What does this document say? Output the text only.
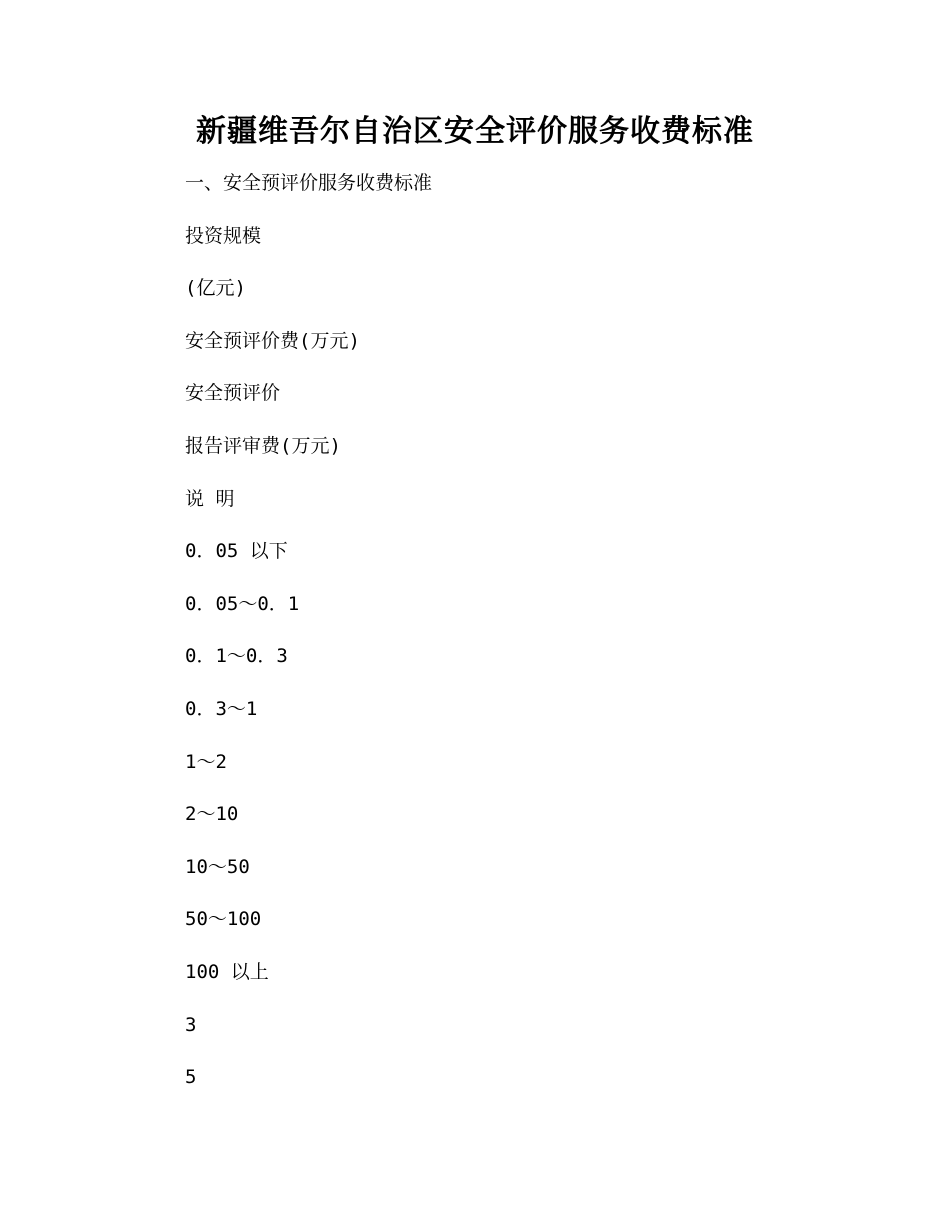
新疆维吾尔自治区安全评价服务收费标准
一、安全预评价服务收费标准
投资规模
(亿元)
安全预评价费(万元)
安全预评价
报告评审费(万元)
说 明
0．05 以下
0．05～0．1
0．1～0．3
0．3～1
1～2
2～10
10～50
50～100
100 以上
3
5
